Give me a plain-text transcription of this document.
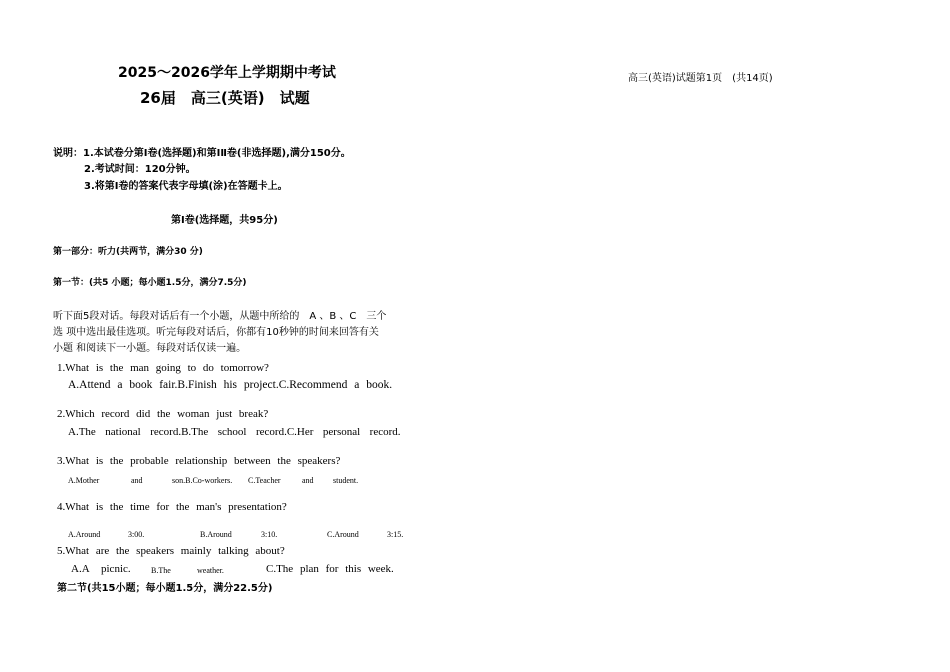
2025～2026学年上学期期中考试
26届　高三(英语)　试题
高三(英语)试题第1页　(共14页)
说明：1.本试卷分第Ⅰ卷(选择题)和第ⅠⅡ卷(非选择题),满分150分。
2.考试时间：120分钟。
3.将第Ⅰ卷的答案代表字母填(涂)在答题卡上。
第Ⅰ卷(选择题，共95分)
第一部分：听力(共两节，满分30 分)
第一节：(共5 小题；每小题1.5分，满分7.5分)
听下面5段对话。每段对话后有一个小题，从题中所给的　A 、B 、C　三个
选 项中选出最佳选项。听完每段对话后，你都有10秒钟的时间来回答有关
小题 和阅读下一小题。每段对话仅读一遍。
1.What is the man going to do tomorrow?
A.Attend a book fair.B.Finish his project.C.Recommend a book.
2.Which record did the woman just break?
A.The  national  record.B.The  school  record.C.Her  personal  record.
3.What is the probable relationship between the speakers?
A.Mother	and	son.B.Co-workers. C.Teacher	and student.
4.What is the time for the man's presentation?
A.Around	3:00.	B.Around	3:10.	C.Around	3:15.
5.What are the speakers mainly talking about?
A.A picnic.	B.The	weather.	C.The plan for this week.
第二节(共15小题；每小题1.5分，满分22.5分)
